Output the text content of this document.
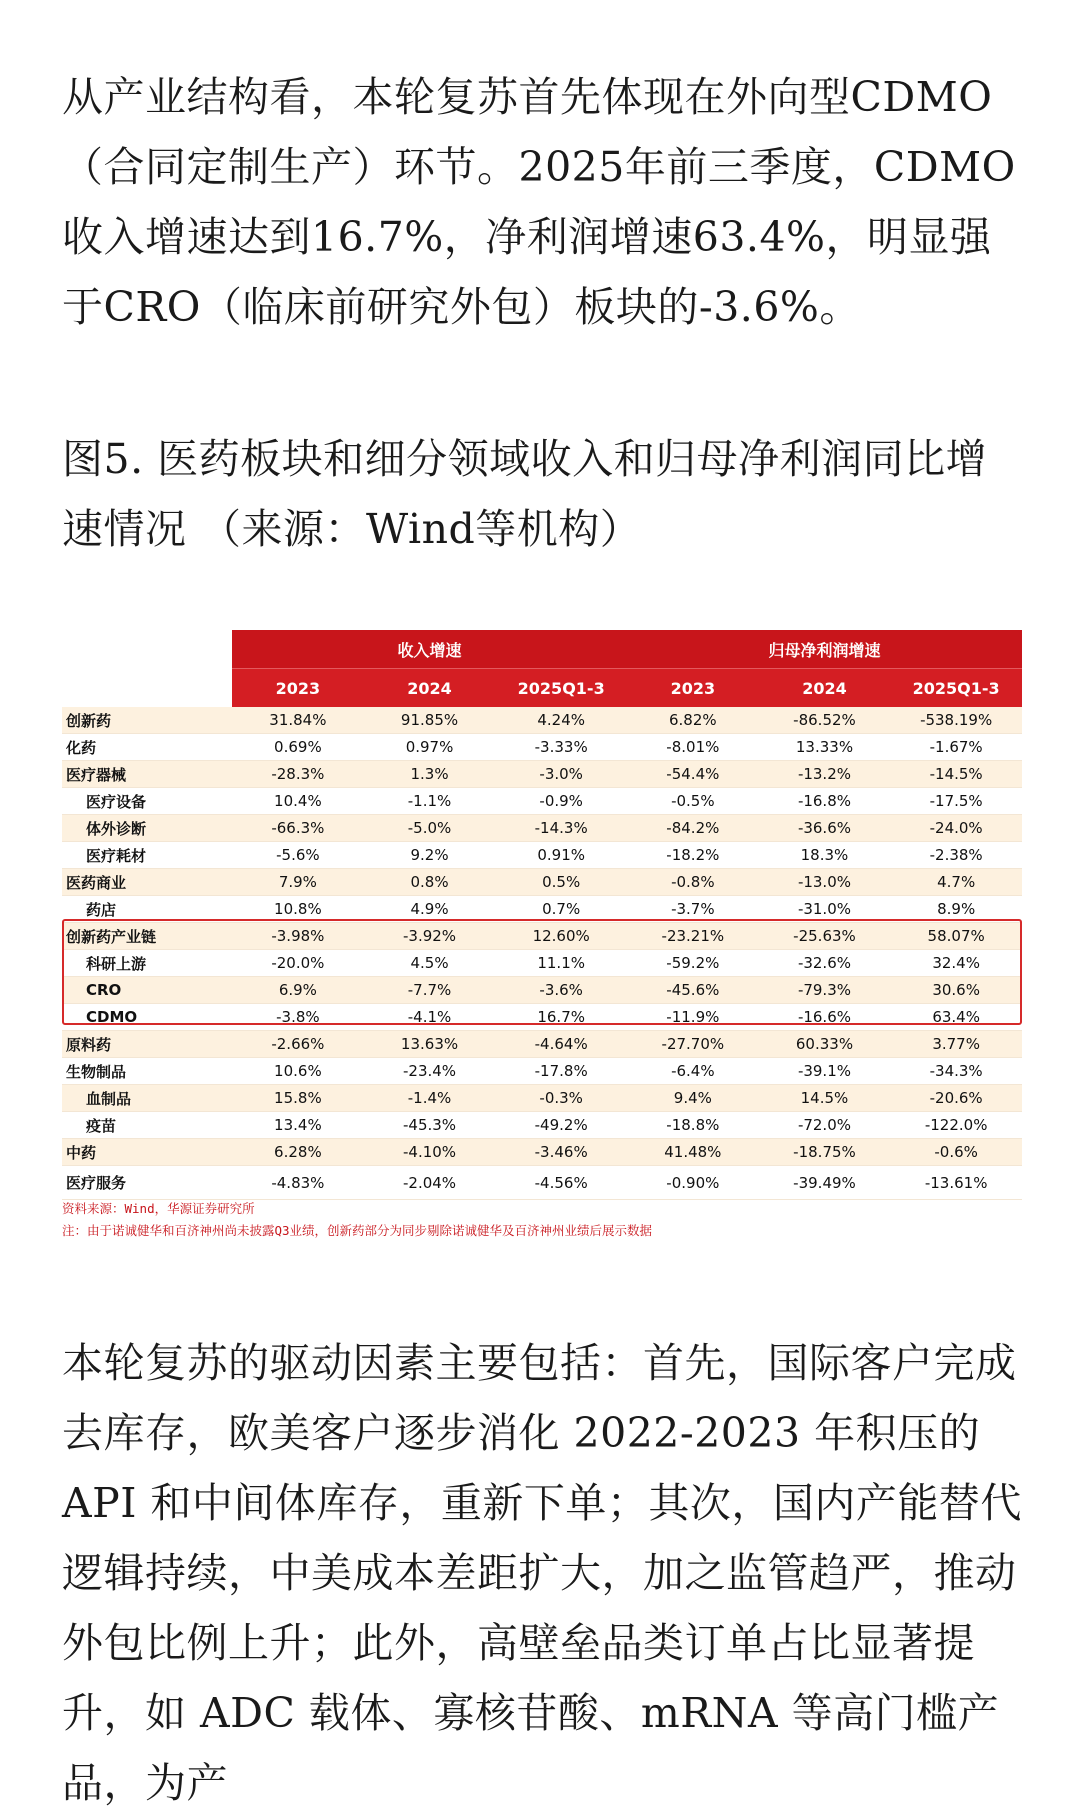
从产业结构看，本轮复苏首先体现在外向型CDMO（合同定制生产）环节。2025年前三季度，CDMO收入增速达到16.7%，净利润增速63.4%，明显强于CRO（临床前研究外包）板块的-3.6%。

图5. 医药板块和细分领域收入和归母净利润同比增速情况 （来源：Wind等机构）

	收入增速			归母净利润增速		
	2023	2024	2025Q1-3	2023	2024	2025Q1-3
创新药	31.84%	91.85%	4.24%	6.82%	-86.52%	-538.19%
化药	0.69%	0.97%	-3.33%	-8.01%	13.33%	-1.67%
医疗器械	-28.3%	1.3%	-3.0%	-54.4%	-13.2%	-14.5%
医疗设备	10.4%	-1.1%	-0.9%	-0.5%	-16.8%	-17.5%
体外诊断	-66.3%	-5.0%	-14.3%	-84.2%	-36.6%	-24.0%
医疗耗材	-5.6%	9.2%	0.91%	-18.2%	18.3%	-2.38%
医药商业	7.9%	0.8%	0.5%	-0.8%	-13.0%	4.7%
药店	10.8%	4.9%	0.7%	-3.7%	-31.0%	8.9%
创新药产业链	-3.98%	-3.92%	12.60%	-23.21%	-25.63%	58.07%
科研上游	-20.0%	4.5%	11.1%	-59.2%	-32.6%	32.4%
CRO	6.9%	-7.7%	-3.6%	-45.6%	-79.3%	30.6%
CDMO	-3.8%	-4.1%	16.7%	-11.9%	-16.6%	63.4%
原料药	-2.66%	13.63%	-4.64%	-27.70%	60.33%	3.77%
生物制品	10.6%	-23.4%	-17.8%	-6.4%	-39.1%	-34.3%
血制品	15.8%	-1.4%	-0.3%	9.4%	14.5%	-20.6%
疫苗	13.4%	-45.3%	-49.2%	-18.8%	-72.0%	-122.0%
中药	6.28%	-4.10%	-3.46%	41.48%	-18.75%	-0.6%
医疗服务	-4.83%	-2.04%	-4.56%	-0.90%	-39.49%	-13.61%
资料来源：Wind，华源证券研究所
注：由于诺诚健华和百济神州尚未披露Q3业绩，创新药部分为同步剔除诺诚健华及百济神州业绩后展示数据

本轮复苏的驱动因素主要包括：首先，国际客户完成去库存，欧美客户逐步消化 2022-2023 年积压的 API 和中间体库存，重新下单；其次，国内产能替代逻辑持续，中美成本差距扩大，加之监管趋严，推动外包比例上升；此外，高壁垒品类订单占比显著提升，如 ADC 载体、寡核苷酸、mRNA 等高门槛产品，为产
